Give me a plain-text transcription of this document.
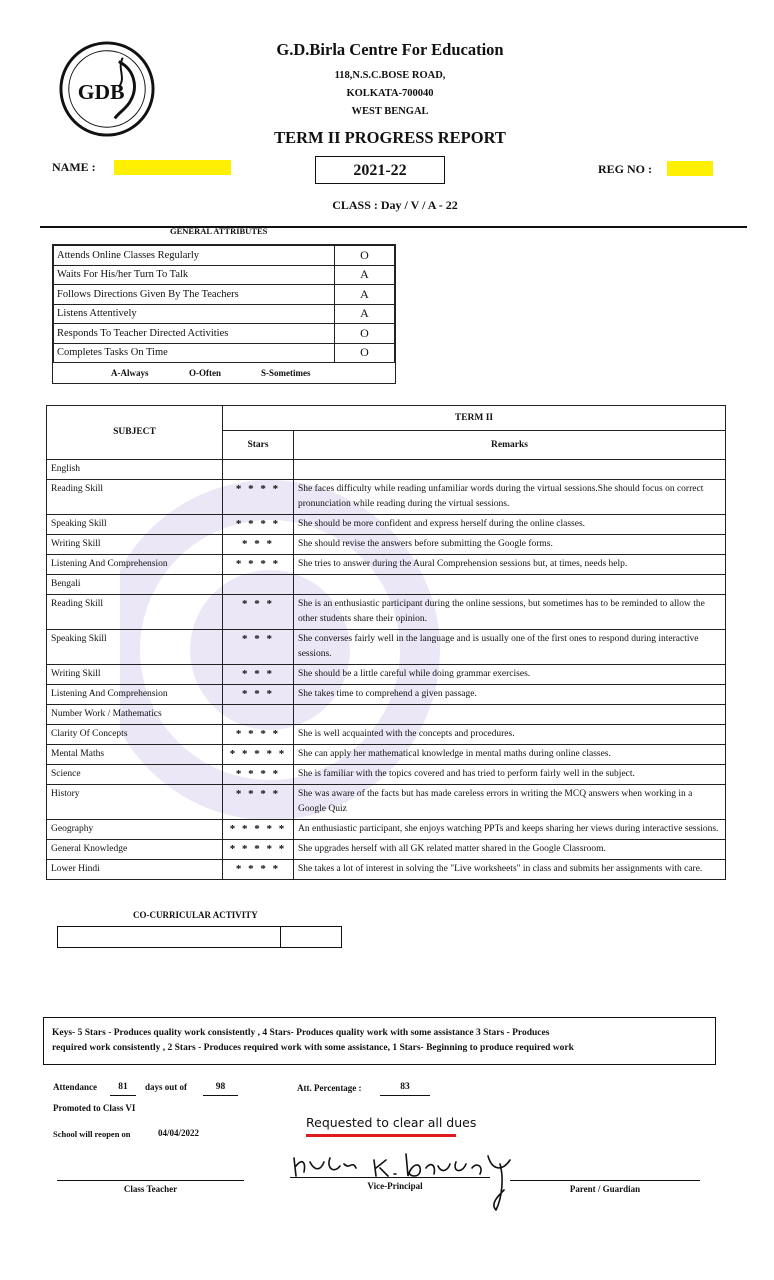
GDB
G.D.Birla Centre For Education
118,N.S.C.BOSE ROAD,
KOLKATA-700040
WEST BENGAL
TERM II PROGRESS REPORT
NAME :	2021-22	REG NO :
CLASS : Day / V / A - 22
GENERAL ATTRIBUTES
Attends Online Classes Regularly	O
Waits For His/her Turn To Talk	A
Follows Directions Given By The Teachers	A
Listens Attentively	A
Responds To Teacher Directed Activities	O
Completes Tasks On Time	O
A-Always	O-Often	S-Sometimes
SUBJECT	TERM II	
	Stars	Remarks
English		
Reading Skill	* * * *	She faces difficulty while reading unfamiliar words during the virtual sessions.She should focus on correct pronunciation while reading during the virtual sessions.
Speaking Skill	* * * *	She should be more confident and express herself during the online classes.
Writing Skill	* * *	She should revise the answers before submitting the Google forms.
Listening And Comprehension	* * * *	She tries to answer during the Aural Comprehension sessions but, at times, needs help.
Bengali		
Reading Skill	* * *	She is an enthusiastic participant during the online sessions, but sometimes has to be reminded to allow the other students share their opinion.
Speaking Skill	* * *	She converses fairly well in the language and is usually one of the first ones to respond during interactive sessions.
Writing Skill	* * *	She should be a little careful while doing grammar exercises.
Listening And Comprehension	* * *	She takes time to comprehend a given passage.
Number Work / Mathematics		
Clarity Of Concepts	* * * *	She is well acquainted with the concepts and procedures.
Mental Maths	* * * * *	She can apply her mathematical knowledge in mental maths during online classes.
Science	* * * *	She is familiar with the topics covered and has tried to perform fairly well in the subject.
History	* * * *	She was aware of the facts but has made careless errors in writing the MCQ answers when working in a Google Quiz
Geography	* * * * *	An enthusiastic participant, she enjoys watching PPTs and keeps sharing her views during interactive sessions.
General Knowledge	* * * * *	She upgrades herself with all GK related matter shared in the Google Classroom.
Lower Hindi	* * * *	She takes a lot of interest in solving the "Live worksheets" in class and submits her assignments with care.
CO-CURRICULAR ACTIVITY
Keys- 5 Stars - Produces quality work consistently , 4 Stars- Produces quality work with some assistance 3 Stars - Produces
required work consistently , 2 Stars - Produces required work with some assistance, 1 Stars- Beginning to produce required work
Attendance	81	days out of	98	Att. Percentage :	83
Promoted to Class VI
School will reopen on	04/04/2022
Requested to clear all dues
Class Teacher	Vice-Principal	Parent / Guardian
